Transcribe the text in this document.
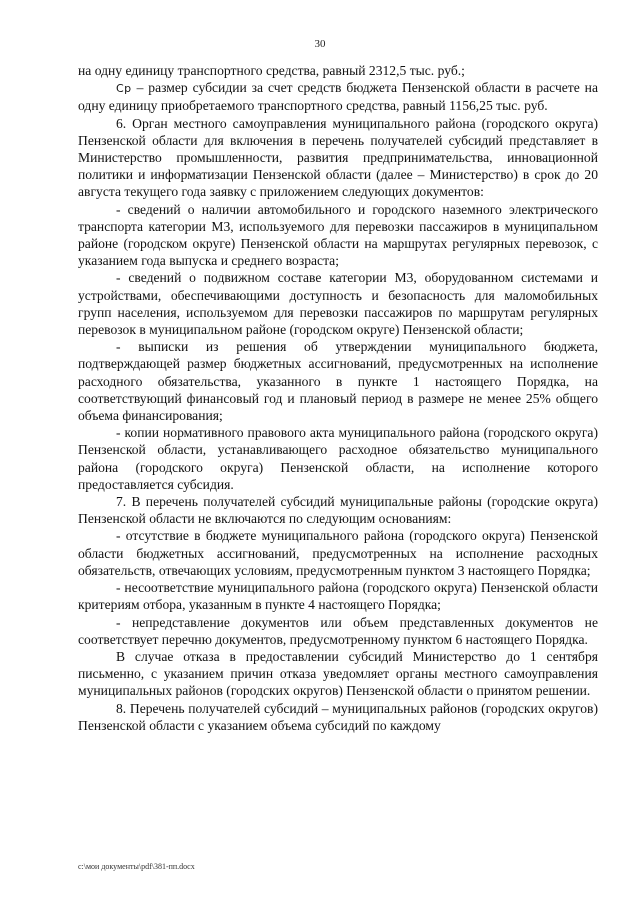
30

на одну единицу транспортного средства, равный 2312,5 тыс. руб.;

Ср – размер субсидии за счет средств бюджета Пензенской области в расчете на одну единицу приобретаемого транспортного средства, равный 1156,25 тыс. руб.

6. Орган местного самоуправления муниципального района (городского округа) Пензенской области для включения в перечень получателей субсидий представляет в Министерство промышленности, развития предпринимательства, инновационной политики и информатизации Пензенской области (далее – Министерство) в срок до 20 августа текущего года заявку с приложением следующих документов:

- сведений о наличии автомобильного и городского наземного электрического транспорта категории М3, используемого для перевозки пассажиров в муниципальном районе (городском округе) Пензенской области на маршрутах регулярных перевозок, с указанием года выпуска и среднего возраста;

- сведений о подвижном составе категории М3, оборудованном системами и устройствами, обеспечивающими доступность и безопасность для маломобильных групп населения, используемом для перевозки пассажиров по маршрутам регулярных перевозок в муниципальном районе (городском округе) Пензенской области;

- выписки из решения об утверждении муниципального бюджета, подтверждающей размер бюджетных ассигнований, предусмотренных на исполнение расходного обязательства, указанного в пункте 1 настоящего Порядка, на соответствующий финансовый год и плановый период в размере не менее 25% общего объема финансирования;

- копии нормативного правового акта муниципального района (городского округа) Пензенской области, устанавливающего расходное обязательство муниципального района (городского округа) Пензенской области, на исполнение которого предоставляется субсидия.

7. В перечень получателей субсидий муниципальные районы (городские округа) Пензенской области не включаются по следующим основаниям:

- отсутствие в бюджете муниципального района (городского округа) Пензенской области бюджетных ассигнований, предусмотренных на исполнение расходных обязательств, отвечающих условиям, предусмотренным пунктом 3 настоящего Порядка;

- несоответствие муниципального района (городского округа) Пензенской области критериям отбора, указанным в пункте 4 настоящего Порядка;

- непредставление документов или объем представленных документов не соответствует перечню документов, предусмотренному пунктом 6 настоящего Порядка.

В случае отказа в предоставлении субсидий Министерство до 1 сентября письменно, с указанием причин отказа уведомляет органы местного самоуправления муниципальных районов (городских округов) Пензенской области о принятом решении.

8. Перечень получателей субсидий – муниципальных районов (городских округов) Пензенской области с указанием объема субсидий по каждому

c:\мои документы\pdf\381-пп.docx
